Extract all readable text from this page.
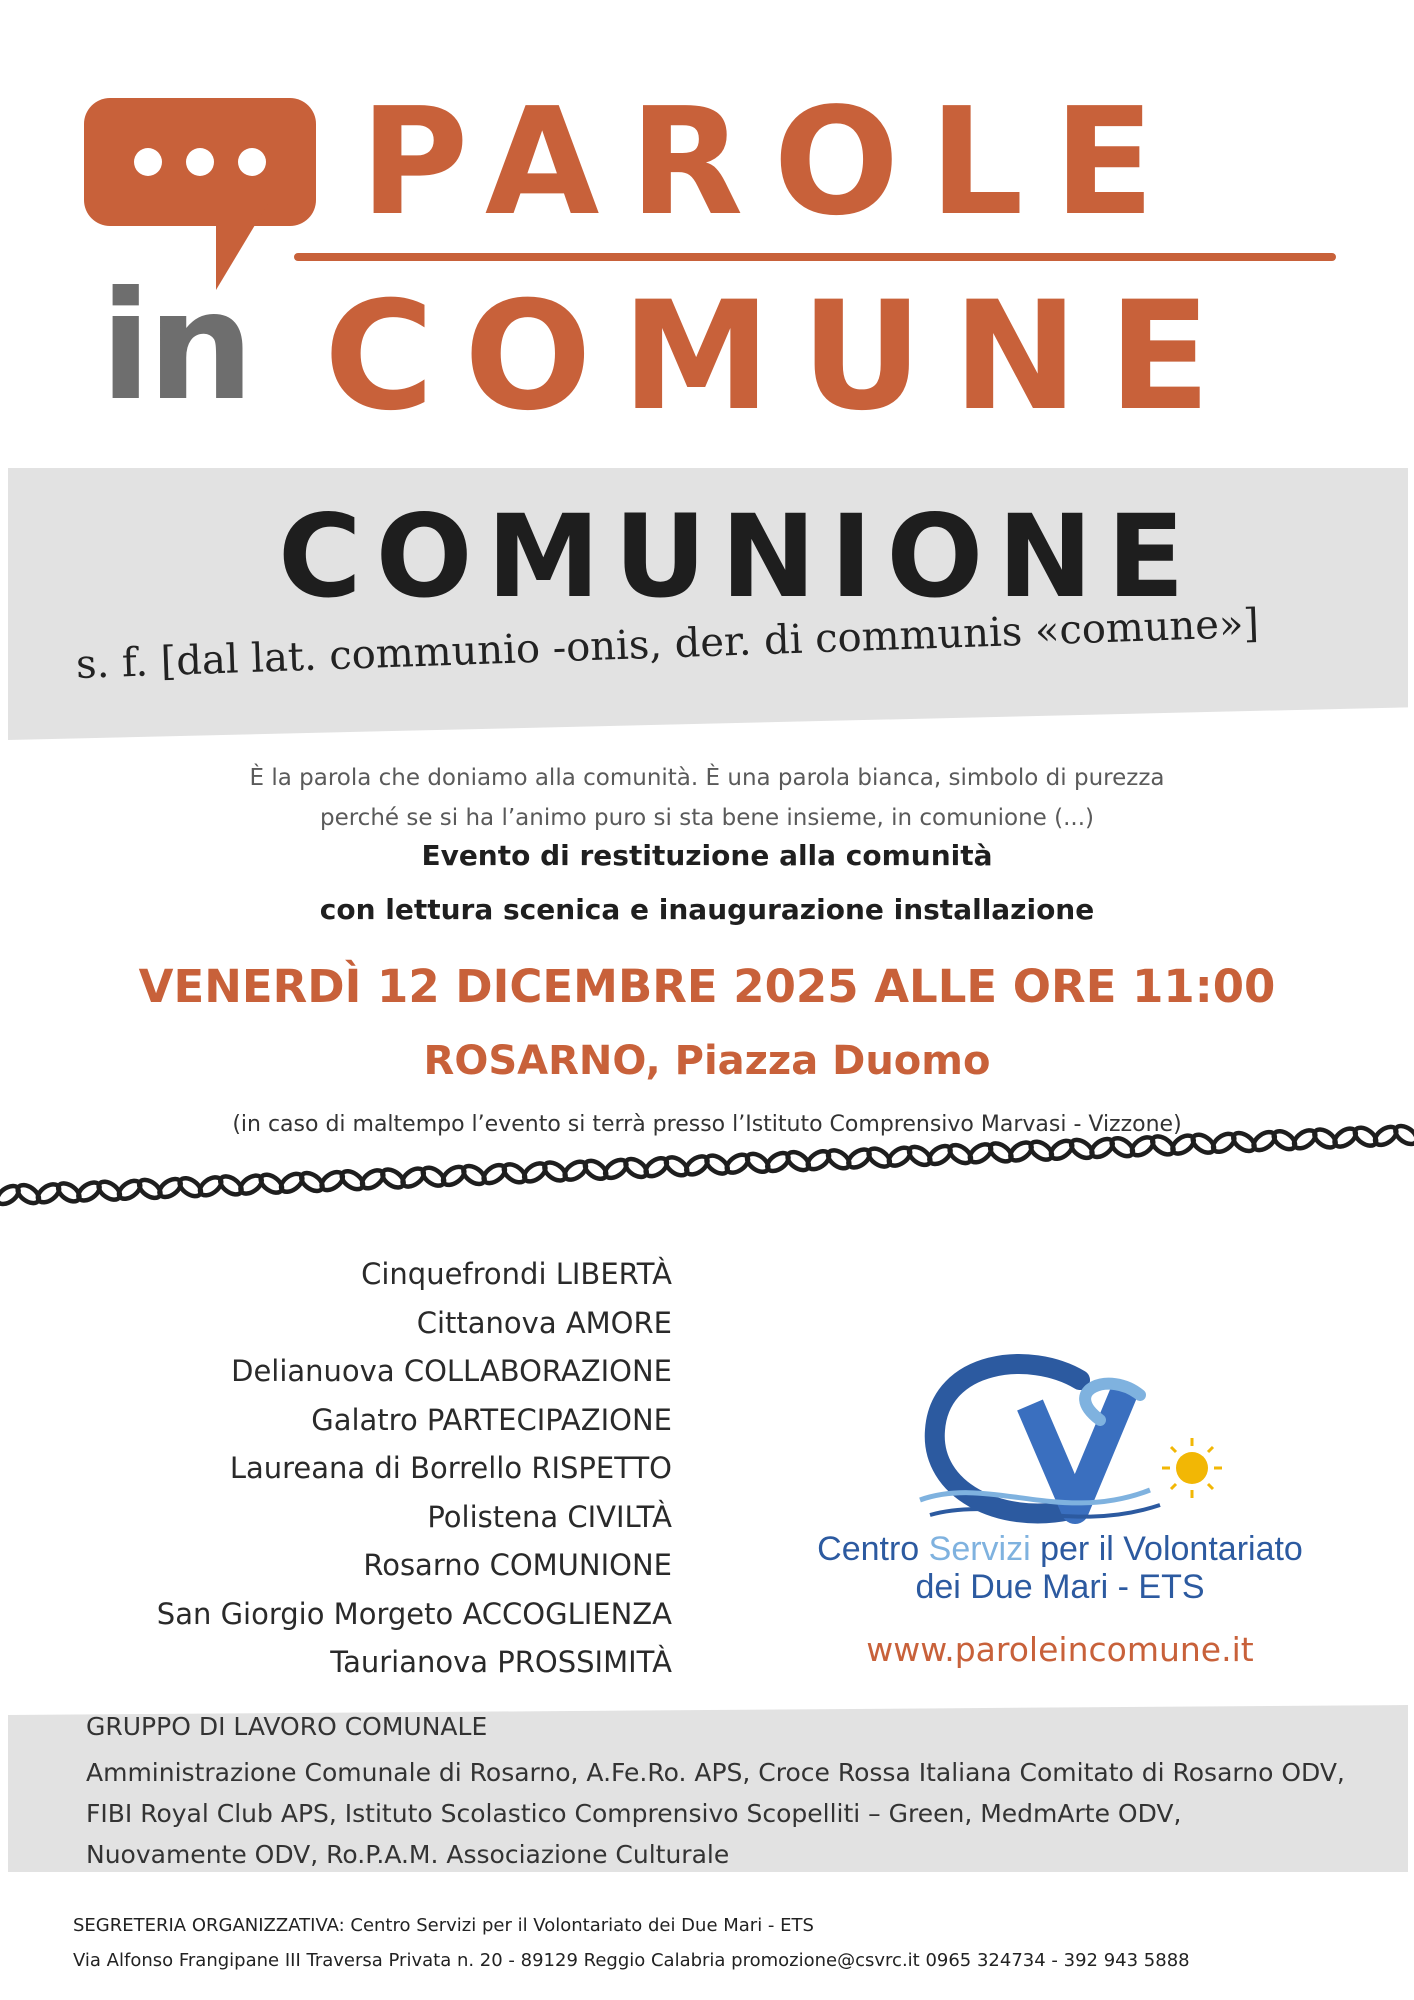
PAROLE
in COMUNE
COMUNIONE
s. f. [dal lat. communio -onis, der. di communis «comune»]
È la parola che doniamo alla comunità. È una parola bianca, simbolo di purezza
perché se si ha l’animo puro si sta bene insieme, in comunione (...)
Evento di restituzione alla comunità
con lettura scenica e inaugurazione installazione
VENERDÌ 12 DICEMBRE 2025 ALLE ORE 11:00
ROSARNO, Piazza Duomo
(in caso di maltempo l’evento si terrà presso l’Istituto Comprensivo Marvasi - Vizzone)
Cinquefrondi LIBERTÀ
Cittanova AMORE
Delianuova COLLABORAZIONE
Galatro PARTECIPAZIONE
Laureana di Borrello RISPETTO
Polistena CIVILTÀ
Rosarno COMUNIONE
San Giorgio Morgeto ACCOGLIENZA
Taurianova PROSSIMITÀ
Centro Servizi per il Volontariato
dei Due Mari - ETS
www.paroleincomune.it
GRUPPO DI LAVORO COMUNALE
Amministrazione Comunale di Rosarno, A.Fe.Ro. APS, Croce Rossa Italiana Comitato di Rosarno ODV, FIBI Royal Club APS, Istituto Scolastico Comprensivo Scopelliti – Green, MedmArte ODV, Nuovamente ODV, Ro.P.A.M. Associazione Culturale
SEGRETERIA ORGANIZZATIVA: Centro Servizi per il Volontariato dei Due Mari - ETS
Via Alfonso Frangipane III Traversa Privata n. 20 - 89129 Reggio Calabria promozione@csvrc.it 0965 324734 - 392 943 5888
